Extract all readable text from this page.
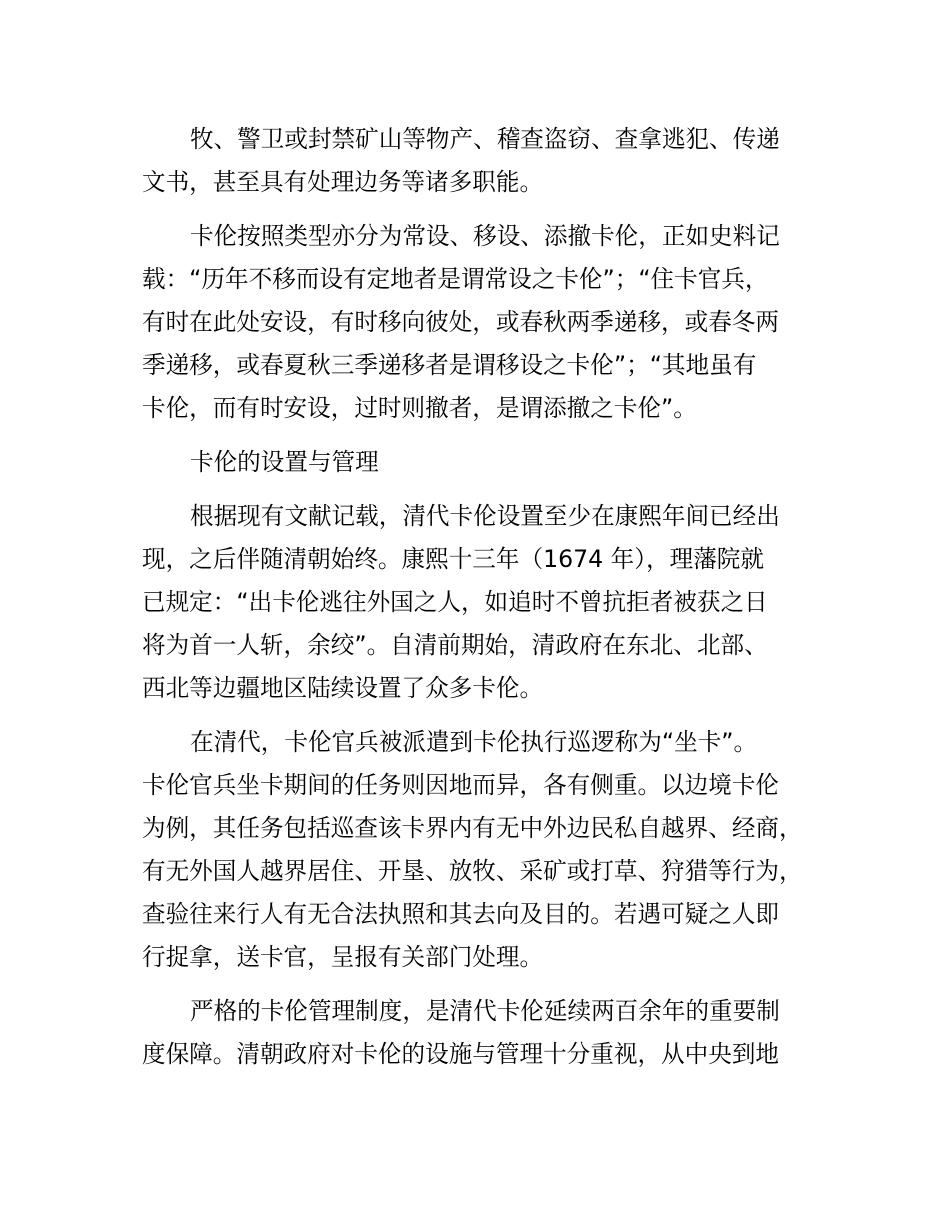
牧、警卫或封禁矿山等物产、稽查盗窃、查拿逃犯、传递
文书，甚至具有处理边务等诸多职能。
卡伦按照类型亦分为常设、移设、添撤卡伦，正如史料记
载：“历年不移而设有定地者是谓常设之卡伦”；“住卡官兵，
有时在此处安设，有时移向彼处，或春秋两季递移，或春冬两
季递移，或春夏秋三季递移者是谓移设之卡伦”；“其地虽有
卡伦，而有时安设，过时则撤者，是谓添撤之卡伦”。
卡伦的设置与管理
根据现有文献记载，清代卡伦设置至少在康熙年间已经出
现，之后伴随清朝始终。康熙十三年（1674 年），理藩院就
已规定：“出卡伦逃往外国之人，如追时不曾抗拒者被获之日
将为首一人斩，余绞”。自清前期始，清政府在东北、北部、
西北等边疆地区陆续设置了众多卡伦。
在清代，卡伦官兵被派遣到卡伦执行巡逻称为“坐卡”。
卡伦官兵坐卡期间的任务则因地而异，各有侧重。以边境卡伦
为例，其任务包括巡查该卡界内有无中外边民私自越界、经商，
有无外国人越界居住、开垦、放牧、采矿或打草、狩猎等行为，
查验往来行人有无合法执照和其去向及目的。若遇可疑之人即
行捉拿，送卡官，呈报有关部门处理。
严格的卡伦管理制度，是清代卡伦延续两百余年的重要制
度保障。清朝政府对卡伦的设施与管理十分重视，从中央到地
